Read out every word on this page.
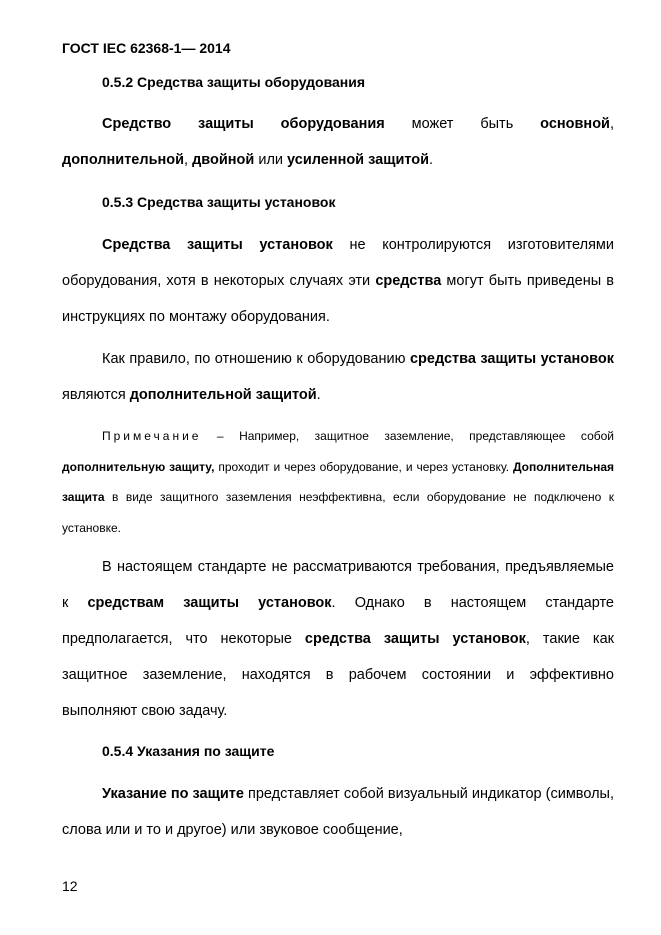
ГОСТ IEC 62368-1— 2014
0.5.2 Средства защиты оборудования
Средство защиты оборудования может быть основной, дополнительной, двойной или усиленной защитой.
0.5.3 Средства защиты установок
Средства защиты установок не контролируются изготовителями оборудования, хотя в некоторых случаях эти средства могут быть приведены в инструкциях по монтажу оборудования.
Как правило, по отношению к оборудованию средства защиты установок являются дополнительной защитой.
Примечание – Например, защитное заземление, представляющее собой дополнительную защиту, проходит и через оборудование, и через установку. Дополнительная защита в виде защитного заземления неэффективна, если оборудование не подключено к установке.
В настоящем стандарте не рассматриваются требования, предъявляемые к средствам защиты установок. Однако в настоящем стандарте предполагается, что некоторые средства защиты установок, такие как защитное заземление, находятся в рабочем состоянии и эффективно выполняют свою задачу.
0.5.4 Указания по защите
Указание по защите представляет собой визуальный индикатор (символы, слова или и то и другое) или звуковое сообщение,
12
